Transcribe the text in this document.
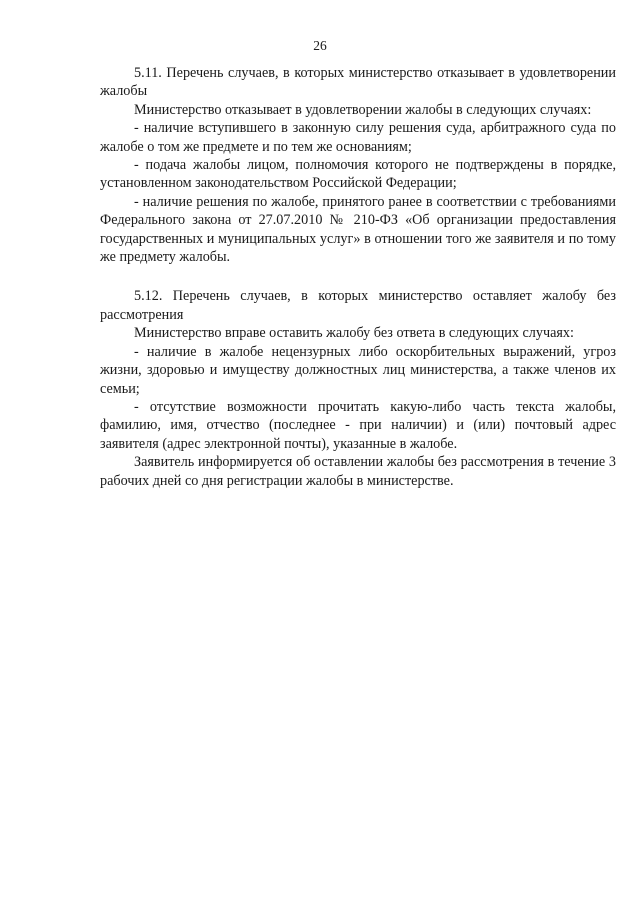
26

5.11. Перечень случаев, в которых министерство отказывает в удовлетворении жалобы

Министерство отказывает в удовлетворении жалобы в следующих случаях:

- наличие вступившего в законную силу решения суда, арбитражного суда по жалобе о том же предмете и по тем же основаниям;

- подача жалобы лицом, полномочия которого не подтверждены в порядке, установленном законодательством Российской Федерации;

- наличие решения по жалобе, принятого ранее в соответствии с требованиями Федерального закона от 27.07.2010 № 210-ФЗ «Об организации предоставления государственных и муниципальных услуг» в отношении того же заявителя и по тому же предмету жалобы.

5.12. Перечень случаев, в которых министерство оставляет жалобу без рассмотрения

Министерство вправе оставить жалобу без ответа в следующих случаях:

- наличие в жалобе нецензурных либо оскорбительных выражений, угроз жизни, здоровью и имуществу должностных лиц министерства, а также членов их семьи;

- отсутствие возможности прочитать какую-либо часть текста жалобы, фамилию, имя, отчество (последнее - при наличии) и (или) почтовый адрес заявителя (адрес электронной почты), указанные в жалобе.

Заявитель информируется об оставлении жалобы без рассмотрения в течение 3 рабочих дней со дня регистрации жалобы в министерстве.
